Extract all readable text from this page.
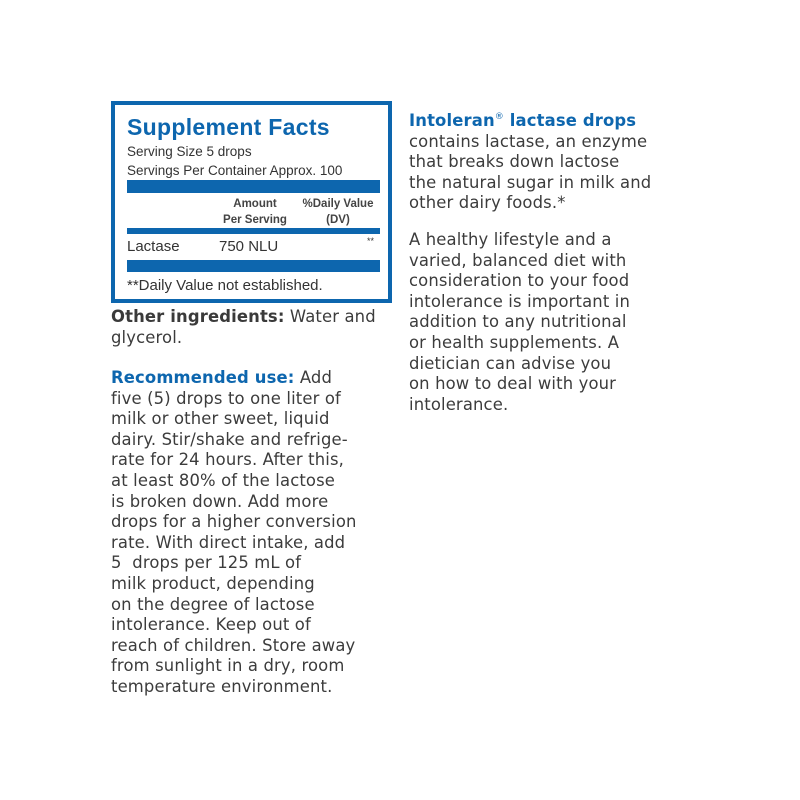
Supplement Facts
Serving Size 5 drops
Servings Per Container Approx. 100
Amount
Per Serving
%Daily Value
(DV)
Lactase	750 NLU	**
**Daily Value not established.
Other ingredients: Water and
glycerol.
Recommended use: Add
five (5) drops to one liter of
milk or other sweet, liquid
dairy. Stir/shake and refrige-
rate for 24 hours. After this,
at least 80% of the lactose
is broken down. Add more
drops for a higher conversion
rate. With direct intake, add
5  drops per 125 mL of
milk product, depending
on the degree of lactose
intolerance. Keep out of
reach of children. Store away
from sunlight in a dry, room
temperature environment.
Intoleran® lactase drops
contains lactase, an enzyme
that breaks down lactose
the natural sugar in milk and
other dairy foods.*
A healthy lifestyle and a
varied, balanced diet with
consideration to your food
intolerance is important in
addition to any nutritional
or health supplements. A
dietician can advise you
on how to deal with your
intolerance.
